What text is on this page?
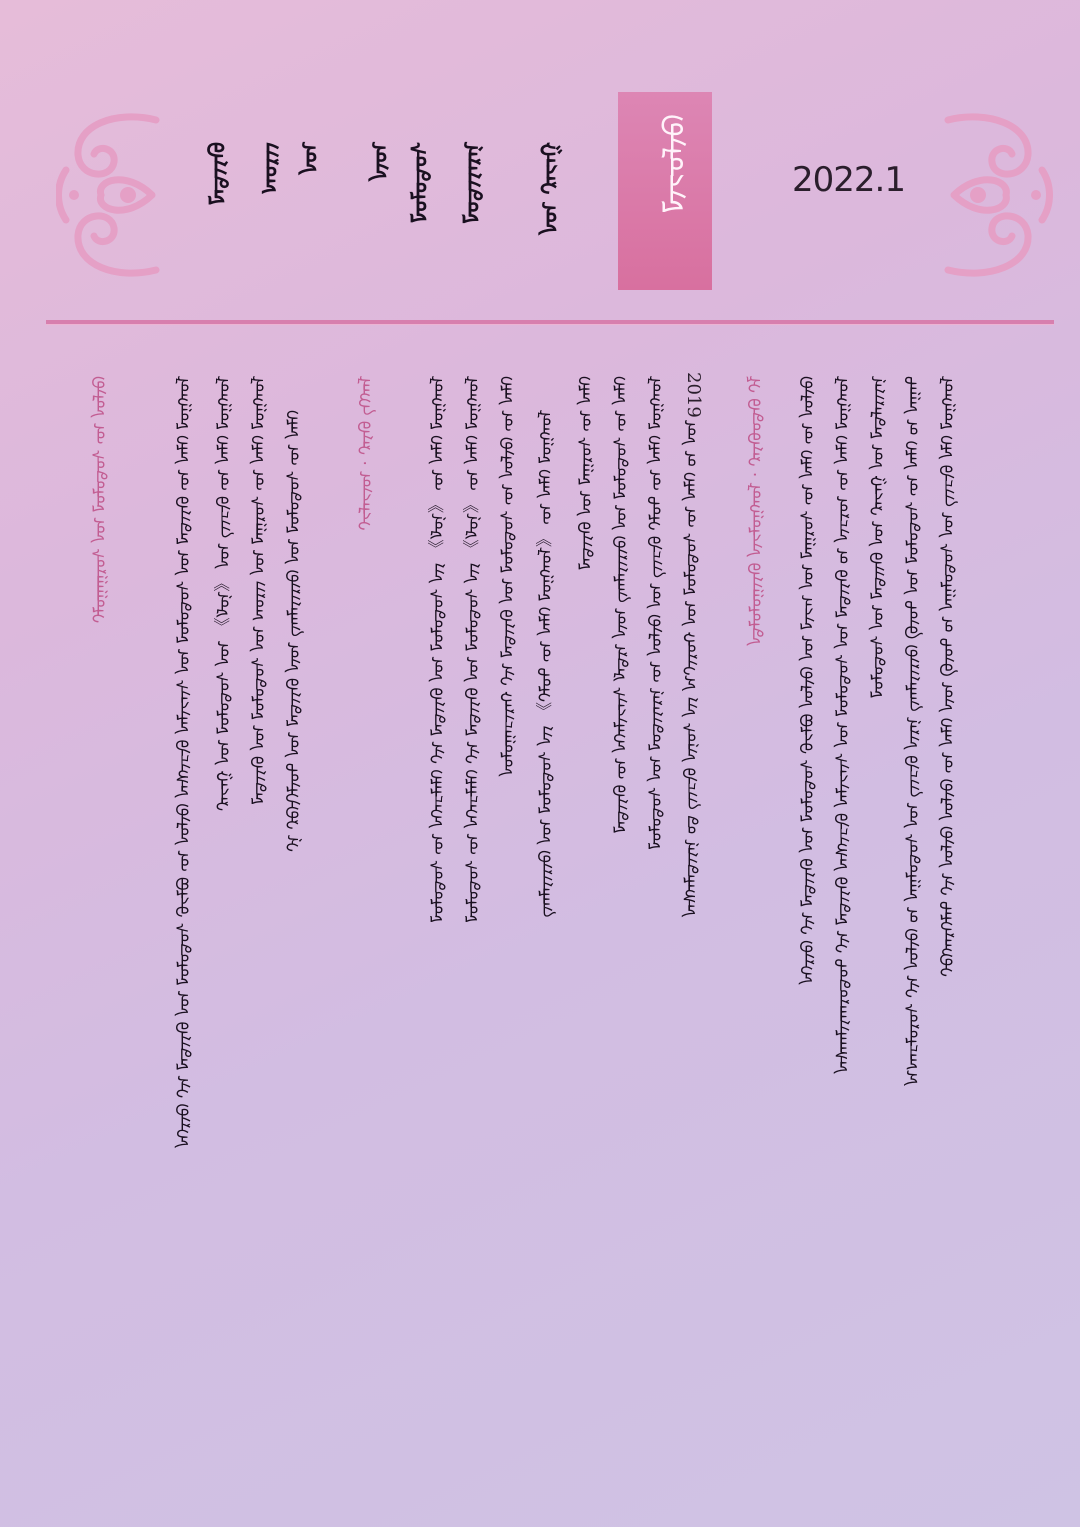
ᠭᠠᠵᠠᠷ ᠤᠨ
ᠨᠡᠷᠡᠶᠢᠳᠦᠯ
ᠦᠨ ᠰᠤᠳᠤᠯᠤᠯ
ᠤᠨ
ᠵᠢᠷᠤᠭ
ᠪᠠᠶᠢᠳᠠᠯ	ᠬᠦᠮᠦᠵᠢᠯ	2022.1
ᠮᠣᠩᠭᠣᠯ ᠬᠡᠯᠡ ᠪᠢᠴᠢᠭ ᠤᠨ ᠰᠤᠳᠤᠯᠭᠠᠨ ᠤ ᠲᠥᠪ ᠦᠨ ᠬᠡᠯᠡᠨ ᠦ ᠬᠦᠮᠦᠨ ᠬᠦᠮᠦᠨ ᠢᠢ ᠳᠡᠯᠭᠡᠷᠡᠩᠭᠦᠢ
ᠲᠠᠭᠠᠨ ᠤ ᠬᠡᠯᠡᠨ ᠦ ᠰᠤᠳᠤᠯᠤᠯ ᠤᠨ ᠲᠥᠪ ᠬᠦᠷᠢᠶᠡᠯᠡᠩ ᠨᠠᠷᠢᠨ ᠪᠢᠴᠢᠭ ᠤᠨ ᠰᠤᠳᠤᠯᠭᠠᠨ ᠤ ᠬᠦᠮᠦᠨ ᠢᠢ ᠰᠤᠷᠤᠯᠴᠠᠭ᠎ᠠ
ᠨᠠᠶᠢᠷᠠᠮᠳᠠᠯ ᠤᠨ ᠭᠠᠵᠠᠷ ᠤᠨ ᠪᠠᠢᠳᠠᠯ ᠤᠨ ᠰᠤᠳᠤᠯᠤᠯ
ᠮᠣᠩᠭᠣᠯ ᠬᠡᠯᠡᠨ ᠦ ᠣᠷᠴᠢᠨ ᠤ ᠪᠠᠶᠢᠳᠠᠯ ᠤᠨ ᠰᠤᠳᠤᠯᠤᠯ ᠤᠨ ᠰᠢᠨᠵᠢᠯᠡᠨ ᠪᠢᠴᠢᠭᠰᠡᠨ ᠪᠠᠶᠢᠳᠠᠯ ᠢᠢ ᠲᠣᠳᠤᠷᠬᠠᠶᠢᠯᠠᠭᠰᠠᠨ
ᠬᠦᠮᠦᠨ ᠦ ᠬᠡᠯᠡᠨ ᠦ ᠰᠤᠷᠭᠠᠯ ᠤᠨ ᠠᠵᠢᠯ ᠤᠨ ᠬᠦᠮᠦᠨ ᠪᠣᠯᠵᠣ ᠰᠤᠳᠤᠯᠤᠯ ᠤᠨ ᠪᠠᠶᠢᠳᠠᠯ ᠢᠢ ᠬᠦᠷᠬᠡᠨ
ᠯᠢ ᠪᠠᠲᠤᠪᠠᠶᠠᠷ · ᠮᠣᠩᠭᠣᠯᠵᠢᠨ ᠪᠠᠶᠢᠭᠤᠯᠤᠯᠲᠠ
2019
ᠣᠨ ᠤ ᠬᠡᠯᠡᠨ ᠦ ᠰᠤᠳᠤᠯᠤᠯ ᠤᠨ ᠬᠣᠷᠢᠶ᠎ᠠ ᠶᠢᠨ ᠰᠣᠨᠢᠨ ᠪᠢᠴᠢᠭ ᠳᠤ ᠨᠡᠶᠢᠲᠡᠯᠡᠭᠰᠡᠨ
ᠮᠣᠩᠭᠣᠯ ᠬᠡᠯᠡᠨ ᠦ ᠲᠣᠯᠢ ᠪᠢᠴᠢᠭ ᠤᠨ ᠬᠦᠮᠦᠨ ᠦ ᠨᠡᠷᠡᠶᠢᠳᠦᠯ ᠤᠨ ᠰᠤᠳᠤᠯᠤᠯ
ᠬᠡᠯᠡᠨ ᠦ ᠰᠤᠳᠤᠯᠤᠯ ᠤᠨ ᠬᠦᠷᠢᠶᠡᠯᠡᠩ ᠦᠨ ᠡᠷᠳᠡᠮ ᠰᠢᠨᠵᠢᠯᠡᠭᠡᠨ ᠦ ᠪᠠᠶᠢᠳᠠᠯ
ᠬᠡᠯᠡᠨ ᠦ ᠰᠤᠷᠭᠠᠯ ᠤᠨ ᠪᠠᠶᠢᠳᠠᠯ
ᠮᠣᠩᠭᠣᠯ ᠬᠡᠯᠡᠨ ᠦ 《ᠮᠣᠩᠭᠣᠯ ᠬᠡᠯᠡᠨ ᠦ ᠲᠣᠯᠢ》 ᠶᠢᠨ ᠰᠤᠳᠤᠯᠤᠯ ᠤᠨ ᠬᠦᠷᠢᠶᠡᠯᠡᠩ
ᠬᠡᠯᠡᠨ ᠦ ᠬᠦᠮᠦᠨ ᠦ ᠰᠤᠳᠤᠯᠤᠯ ᠤᠨ ᠪᠠᠶᠢᠳᠠᠯ ᠢᠢ ᠬᠠᠷᠢᠴᠠᠭᠤᠯᠤᠨ
ᠮᠣᠩᠭᠣᠯ ᠬᠡᠯᠡᠨ ᠦ 《ᠨᠣᠮ》 ᠶᠢᠨ ᠰᠤᠳᠤᠯᠤᠯ ᠤᠨ ᠪᠠᠶᠢᠳᠠᠯ ᠢᠢ ᠬᠡᠯᠡᠯᠴᠡᠭᠡᠨ ᠦ ᠰᠤᠳᠤᠯᠤᠯ
ᠮᠣᠩᠭᠣᠯ ᠬᠡᠯᠡᠨ ᠦ 《ᠨᠣᠮ》 ᠶᠢᠨ ᠰᠤᠳᠤᠯᠤᠯ ᠤᠨ ᠪᠠᠶᠢᠳᠠᠯ ᠢᠢ ᠬᠡᠯᠡᠯᠴᠡᠭᠡᠨ ᠦ ᠰᠤᠳᠤᠯᠤᠯ
ᠮᠡᠩᠭᠡ ᠪᠠᠶᠠᠷ · ᠦᠵᠡᠮᠵᠢ
ᠬᠡᠯᠡᠨ ᠦ ᠰᠤᠳᠤᠯᠤᠯ ᠤᠨ ᠬᠦᠷᠢᠶᠡᠯᠡᠩ ᠦᠨ ᠪᠠᠶᠢᠳᠠᠯ ᠤᠨ ᠲᠦᠯᠬᠢᠭᠦᠷ ᠨᠢ
ᠮᠣᠩᠭᠣᠯ ᠬᠡᠯᠡᠨ ᠦ ᠰᠤᠷᠭᠠᠯ ᠤᠨ ᠵᠢᠷᠤᠭ ᠤᠨ ᠰᠤᠳᠤᠯᠤᠯ ᠤᠨ ᠪᠠᠶᠢᠳᠠᠯ
ᠮᠣᠩᠭᠣᠯ ᠬᠡᠯᠡᠨ ᠦ ᠪᠢᠴᠢᠭ ᠤᠨ 《ᠨᠣᠮ》 ᠤᠨ ᠰᠤᠳᠤᠯᠤᠯ ᠤᠨ ᠭᠠᠵᠠᠷ
ᠮᠣᠩᠭᠣᠯ ᠬᠡᠯᠡᠨ ᠦ ᠪᠠᠶᠢᠳᠠᠯ ᠤᠨ ᠰᠤᠳᠤᠯᠤᠯ ᠤᠨ ᠰᠢᠨᠵᠢᠯᠡᠨ ᠪᠢᠴᠢᠭᠰᠡᠨ ᠬᠦᠮᠦᠨ ᠦ ᠪᠣᠯᠵᠣ ᠰᠤᠳᠤᠯᠤᠯ ᠤᠨ ᠪᠠᠶᠢᠳᠠᠯ ᠢᠢ ᠬᠦᠷᠬᠡᠨ
ᠬᠦᠮᠦᠨ ᠦ ᠰᠤᠳᠤᠯᠤᠯ ᠤᠨ ᠰᠤᠷᠭᠠᠭᠤᠯᠢ
